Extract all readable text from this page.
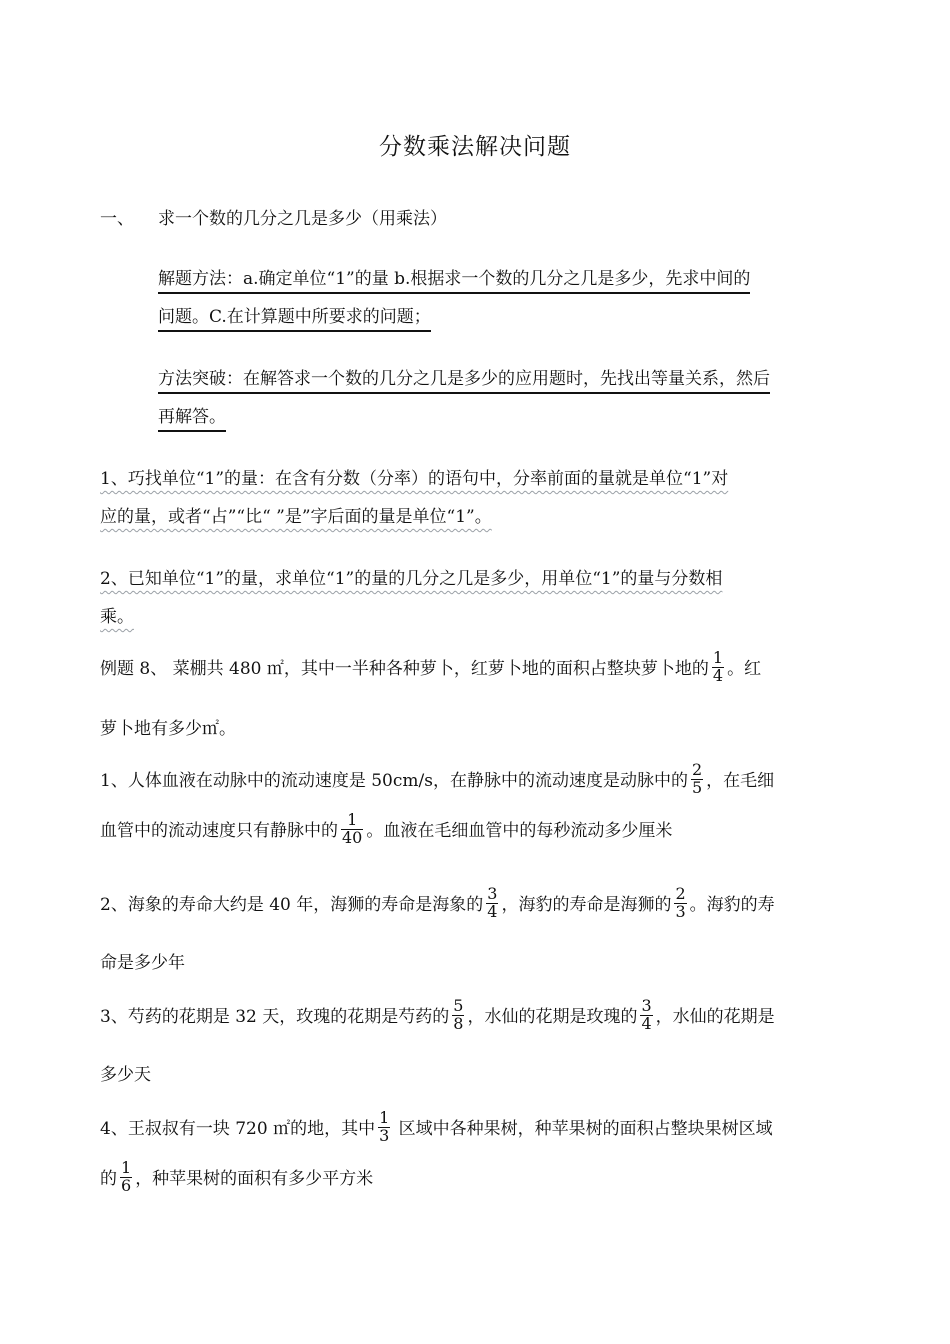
分数乘法解决问题
一、 求一个数的几分之几是多少（用乘法）
解题方法：a.确定单位“1”的量 b.根据求一个数的几分之几是多少，先求中间的
问题。C.在计算题中所要求的问题；
方法突破：在解答求一个数的几分之几是多少的应用题时，先找出等量关系，然后
再解答。
1、巧找单位“1”的量：在含有分数（分率）的语句中，分率前面的量就是单位“1”对
应的量，或者“占”“比“ ”是”字后面的量是单位“1”。
2、已知单位“1”的量，求单位“1”的量的几分之几是多少，用单位“1”的量与分数相
乘。
例题 8、 菜棚共 480 ㎡，其中一半种各种萝卜，红萝卜地的面积占整块萝卜地的 $\frac{1}{4}$ 。红
萝卜地有多少㎡。
1、人体血液在动脉中的流动速度是 50cm/s，在静脉中的流动速度是动脉中的 $\frac{2}{5}$ ，在毛细
血管中的流动速度只有静脉中的 $\frac{1}{40}$ 。血液在毛细血管中的每秒流动多少厘米
2、海象的寿命大约是 40 年，海狮的寿命是海象的 $\frac{3}{4}$ ，海豹的寿命是海狮的 $\frac{2}{3}$ 。海豹的寿
命是多少年
3、芍药的花期是 32 天，玫瑰的花期是芍药的 $\frac{5}{8}$ ，水仙的花期是玫瑰的 $\frac{3}{4}$ ，水仙的花期是
多少天
4、王叔叔有一块 720 ㎡的地，其中 $\frac{1}{3}$ 区域中各种果树，种苹果树的面积占整块果树区域
的 $\frac{1}{6}$ ，种苹果树的面积有多少平方米
